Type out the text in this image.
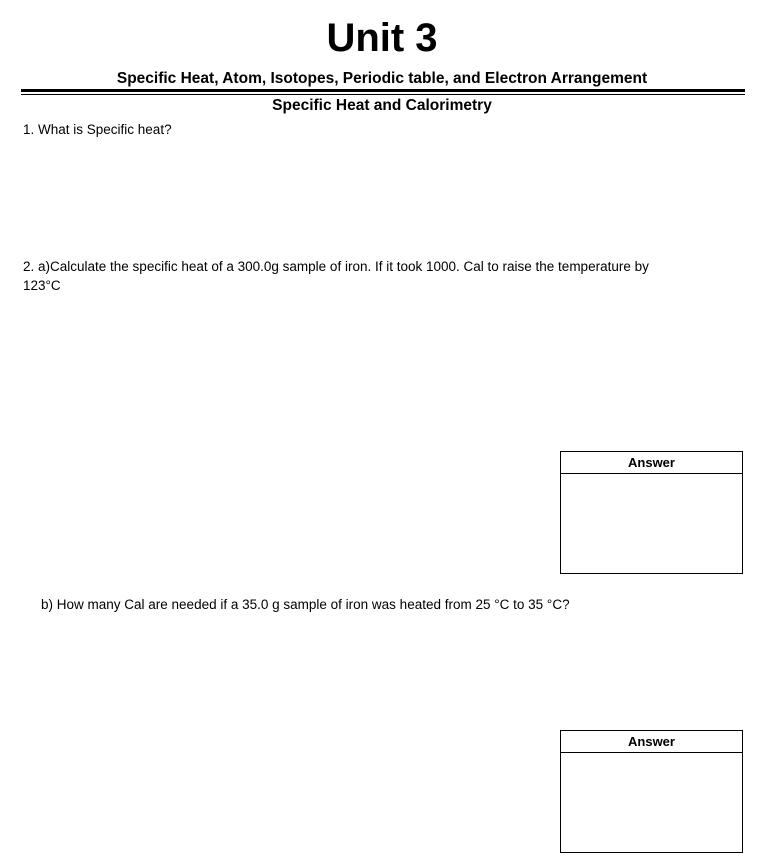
Unit 3
Specific Heat, Atom, Isotopes, Periodic table, and Electron Arrangement
Specific Heat and Calorimetry
1. What is Specific heat?
2. a)Calculate the specific heat of a 300.0g sample of iron. If it took 1000. Cal to raise the temperature by
123°C
Answer
b) How many Cal are needed if a 35.0 g sample of iron was heated from 25 °C to 35 °C?
Answer
